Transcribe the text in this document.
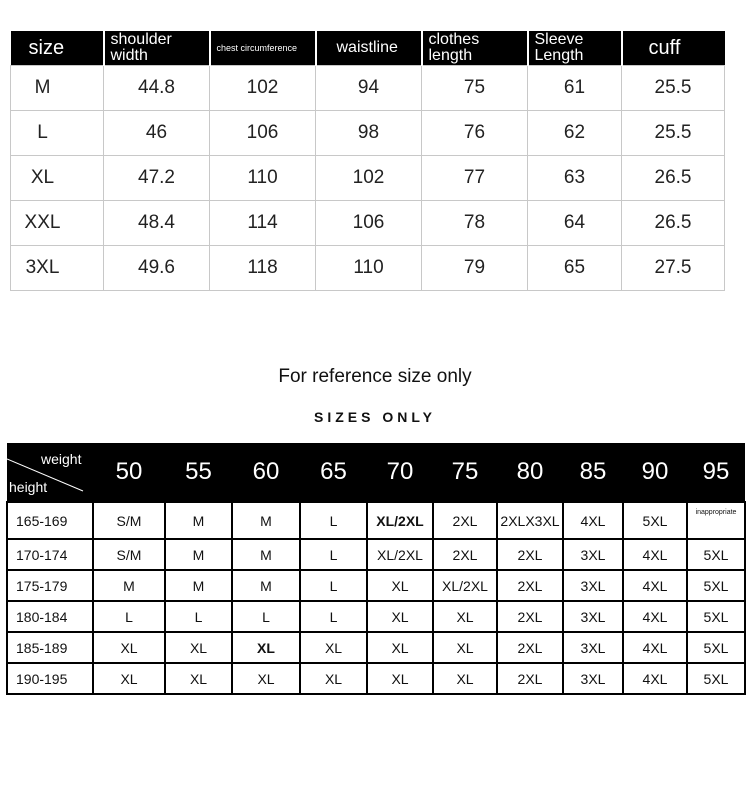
size	shoulder width	chest circumference	waistline	clothes length	Sleeve Length	cuff
M	44.8	102	94	75	61	25.5
L	46	106	98	76	62	25.5
XL	47.2	110	102	77	63	26.5
XXL	48.4	114	106	78	64	26.5
3XL	49.6	118	110	79	65	27.5
For reference size only
SIZES ONLY
weight
height	50	55	60	65	70	75	80	85	90	95
165-169	S/M	M	M	L	XL/2XL	2XL	2XLX3XL	4XL	5XL	inappropriate
170-174	S/M	M	M	L	XL/2XL	2XL	2XL	3XL	4XL	5XL
175-179	M	M	M	L	XL	XL/2XL	2XL	3XL	4XL	5XL
180-184	L	L	L	L	XL	XL	2XL	3XL	4XL	5XL
185-189	XL	XL	XL	XL	XL	XL	2XL	3XL	4XL	5XL
190-195	XL	XL	XL	XL	XL	XL	2XL	3XL	4XL	5XL
